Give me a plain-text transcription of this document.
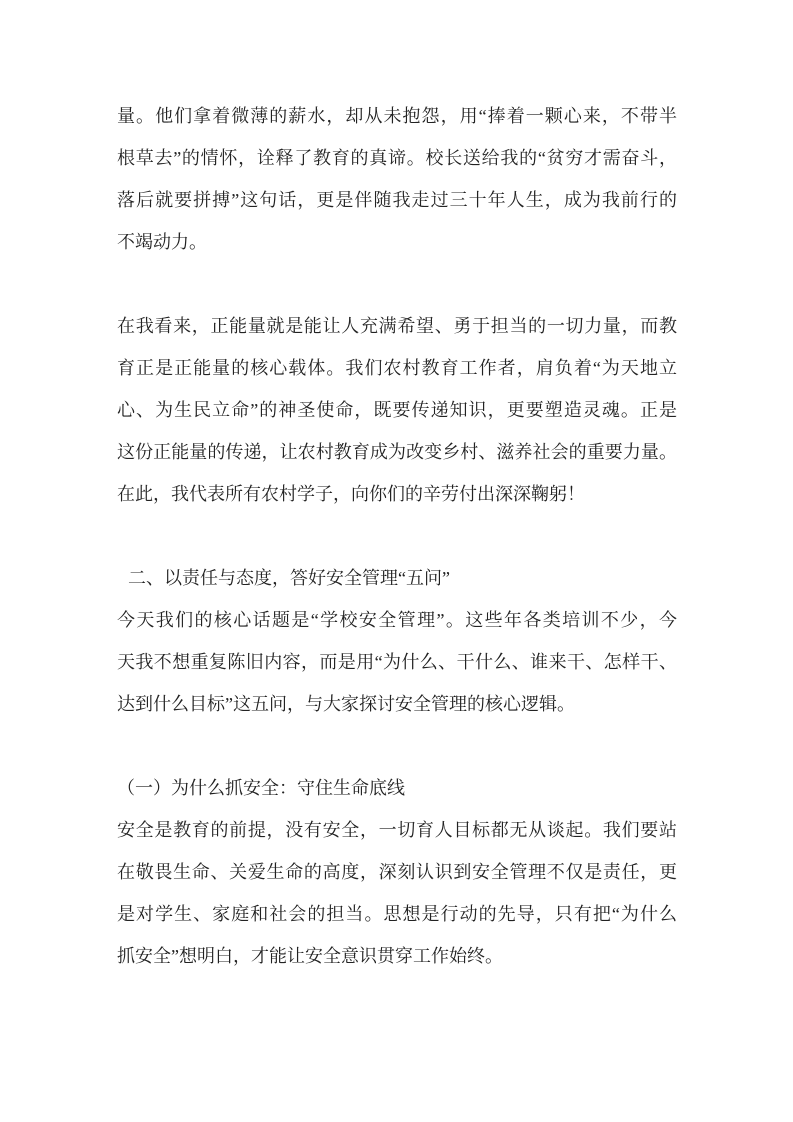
量。他们拿着微薄的薪水，却从未抱怨，用“捧着一颗心来，不带半
根草去”的情怀，诠释了教育的真谛。校长送给我的“贫穷才需奋斗，
落后就要拼搏”这句话，更是伴随我走过三十年人生，成为我前行的
不竭动力。
在我看来，正能量就是能让人充满希望、勇于担当的一切力量，而教
育正是正能量的核心载体。我们农村教育工作者，肩负着“为天地立
心、为生民立命”的神圣使命，既要传递知识，更要塑造灵魂。正是
这份正能量的传递，让农村教育成为改变乡村、滋养社会的重要力量。
在此，我代表所有农村学子，向你们的辛劳付出深深鞠躬！
二、以责任与态度，答好安全管理“五问”
今天我们的核心话题是“学校安全管理”。这些年各类培训不少，今
天我不想重复陈旧内容，而是用“为什么、干什么、谁来干、怎样干、
达到什么目标”这五问，与大家探讨安全管理的核心逻辑。
（一）为什么抓安全：守住生命底线
安全是教育的前提，没有安全，一切育人目标都无从谈起。我们要站
在敬畏生命、关爱生命的高度，深刻认识到安全管理不仅是责任，更
是对学生、家庭和社会的担当。思想是行动的先导，只有把“为什么
抓安全”想明白，才能让安全意识贯穿工作始终。
